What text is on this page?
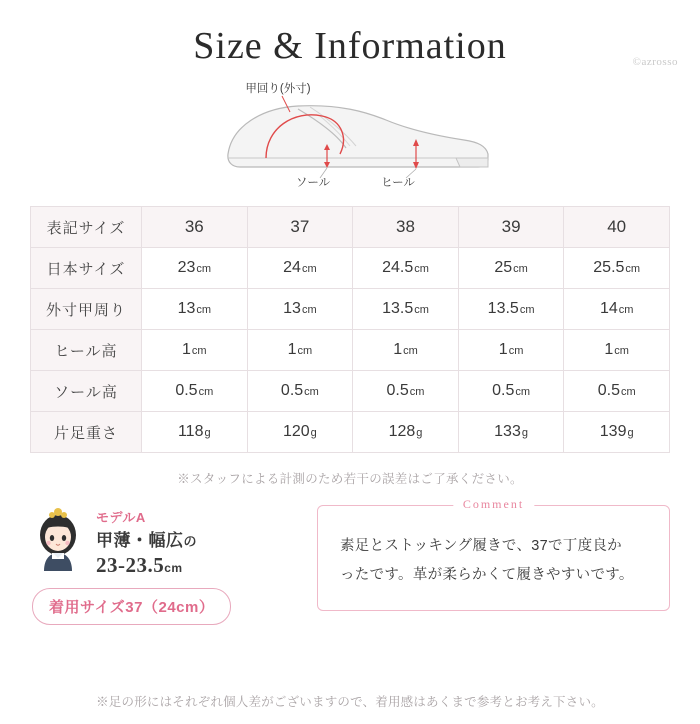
Size & Information	©azrosso
甲回り(外寸)
ソール	ヒール
表記サイズ	36	37	38	39	40
日本サイズ	23cm	24cm	24.5cm	25cm	25.5cm
外寸甲周り	13cm	13cm	13.5cm	13.5cm	14cm
ヒール高	1cm	1cm	1cm	1cm	1cm
ソール高	0.5cm	0.5cm	0.5cm	0.5cm	0.5cm
片足重さ	118g	120g	128g	133g	139g
※スタッフによる計測のため若干の誤差はご了承ください。
モデルA
甲薄・幅広の
23-23.5cm
着用サイズ37（24cm）
Comment
素足とストッキング履きで、37で丁度良か
ったです。革が柔らかくて履きやすいです。
※足の形にはそれぞれ個人差がございますので、着用感はあくまで参考とお考え下さい。
